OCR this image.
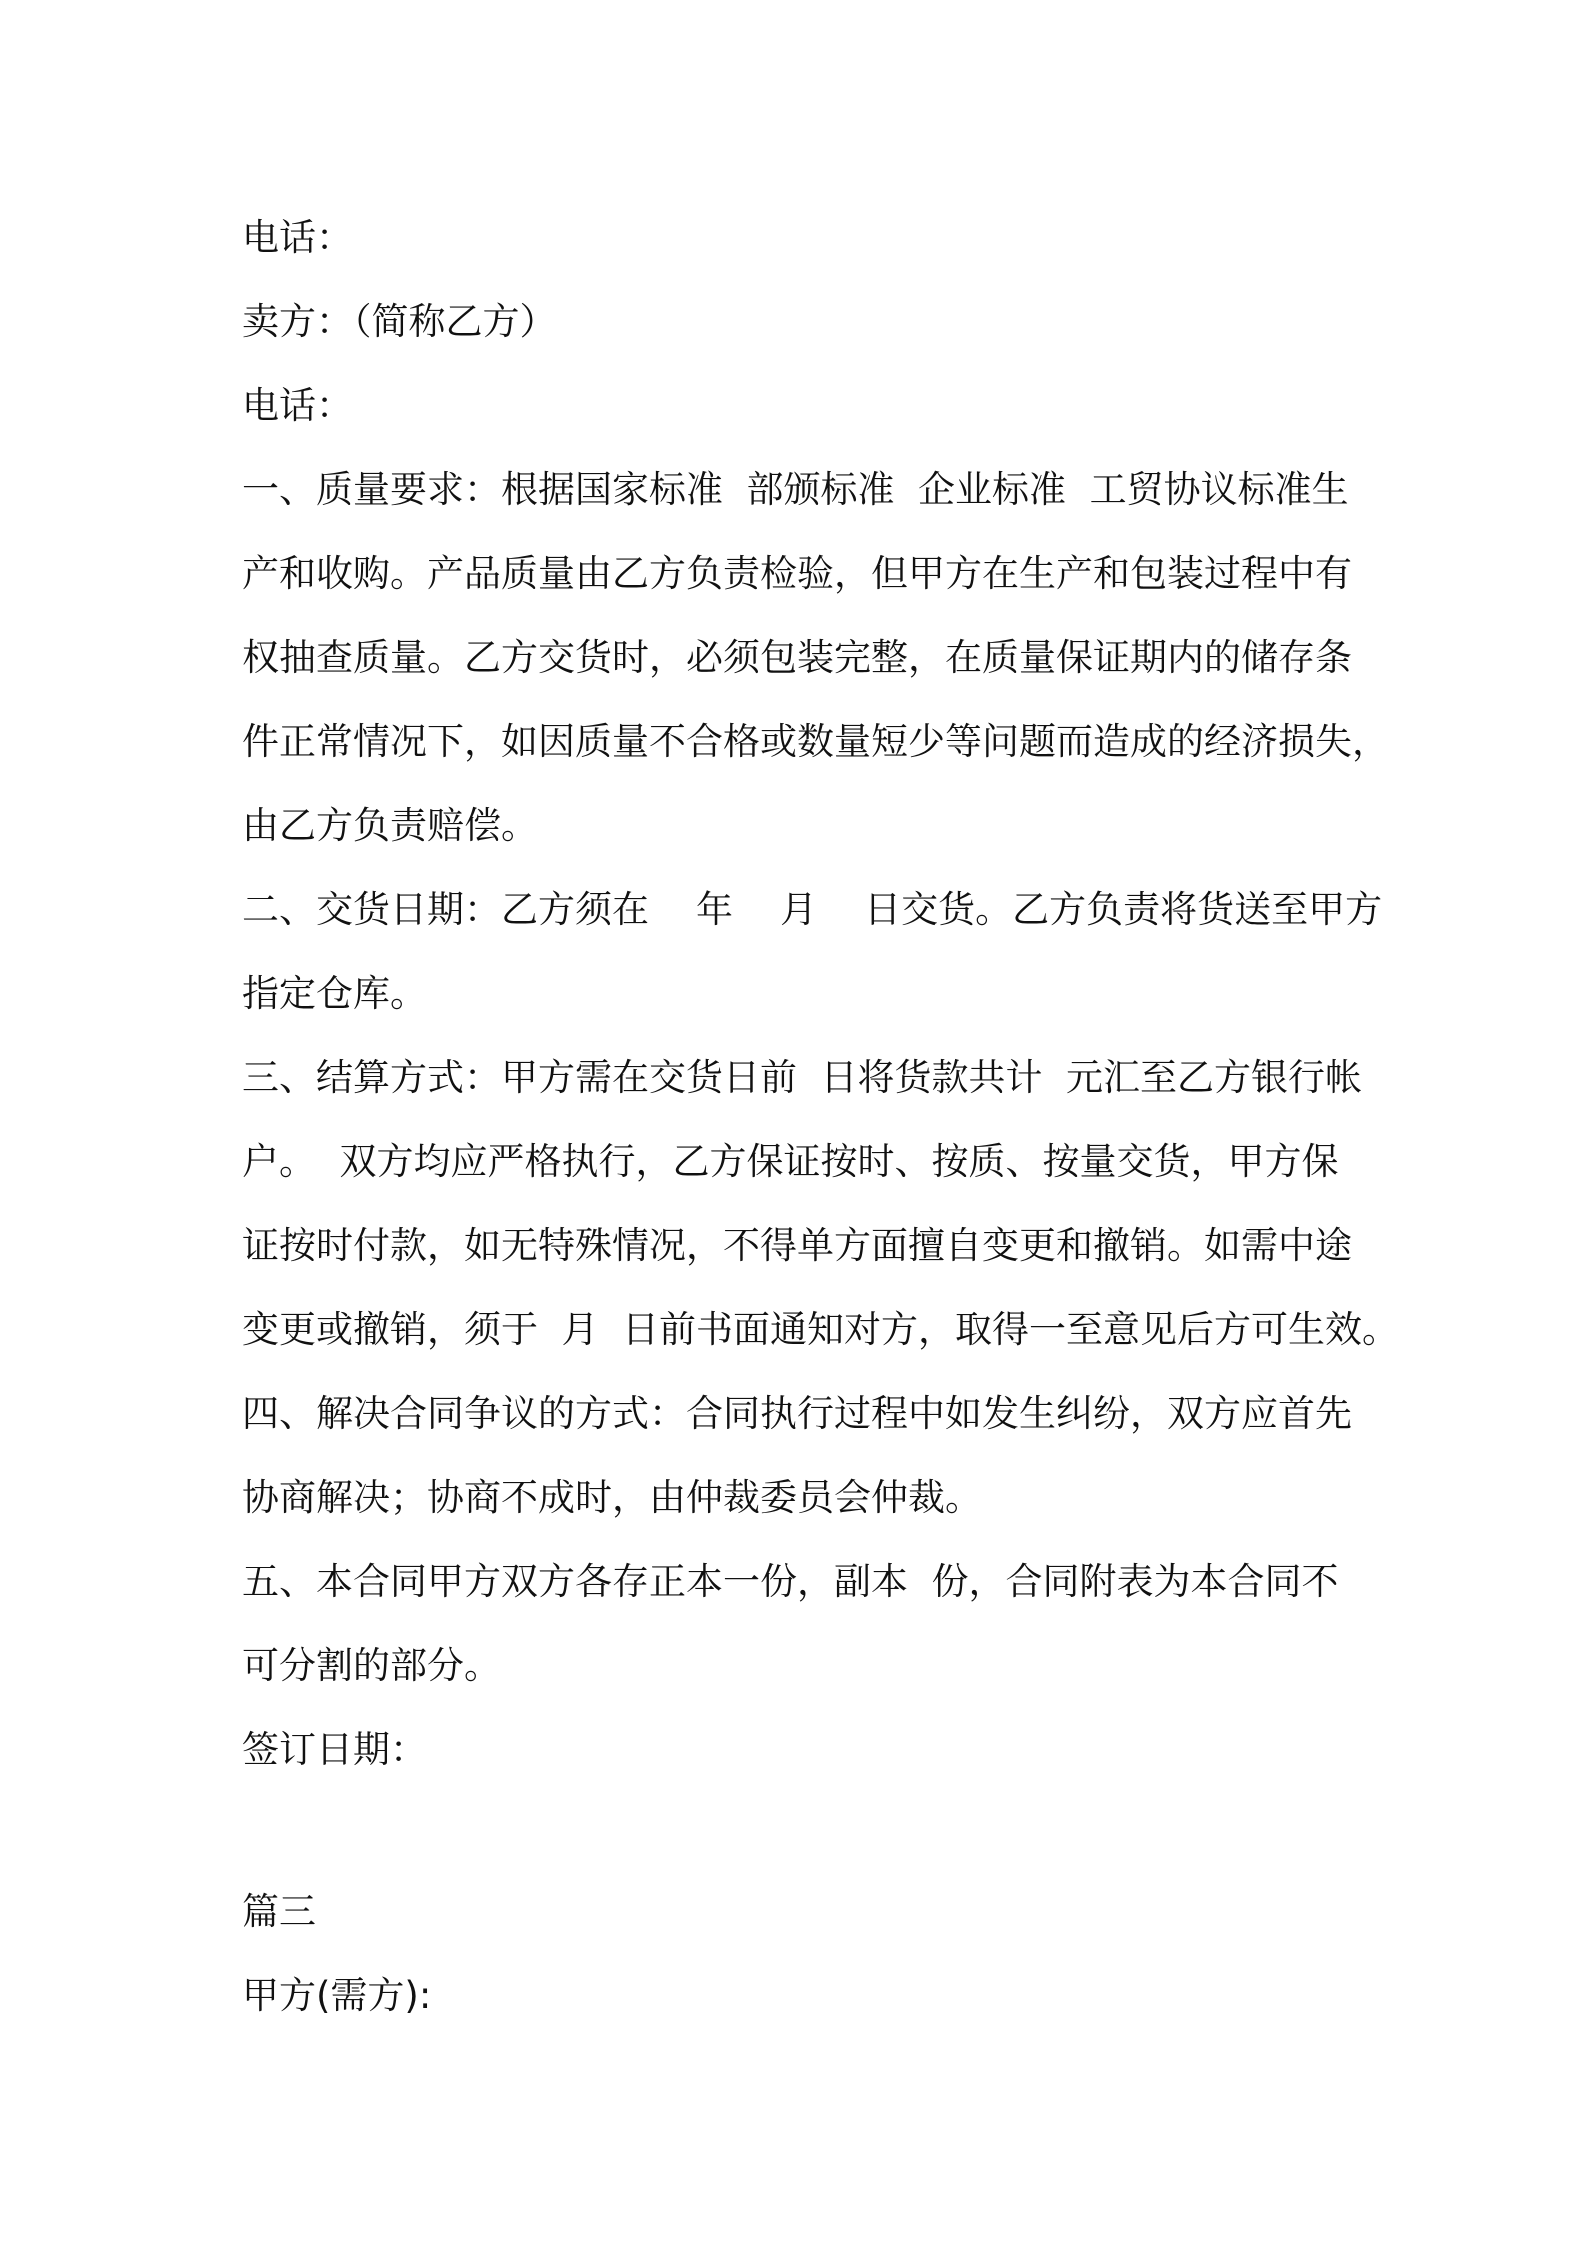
电话：
卖方：（简称乙方）
电话：
一、质量要求：根据国家标准  部颁标准  企业标准  工贸协议标准生
产和收购。产品质量由乙方负责检验，但甲方在生产和包装过程中有
权抽查质量。乙方交货时，必须包装完整，在质量保证期内的储存条
件正常情况下，如因质量不合格或数量短少等问题而造成的经济损失，
由乙方负责赔偿。
二、交货日期：乙方须在    年    月    日交货。乙方负责将货送至甲方
指定仓库。
三、结算方式：甲方需在交货日前  日将货款共计  元汇至乙方银行帐
户。  双方均应严格执行，乙方保证按时、按质、按量交货，甲方保
证按时付款，如无特殊情况，不得单方面擅自变更和撤销。如需中途
变更或撤销，须于  月  日前书面通知对方，取得一至意见后方可生效。
四、解决合同争议的方式：合同执行过程中如发生纠纷，双方应首先
协商解决；协商不成时，由仲裁委员会仲裁。
五、本合同甲方双方各存正本一份，副本  份，合同附表为本合同不
可分割的部分。
签订日期：
篇三
甲方(需方):
